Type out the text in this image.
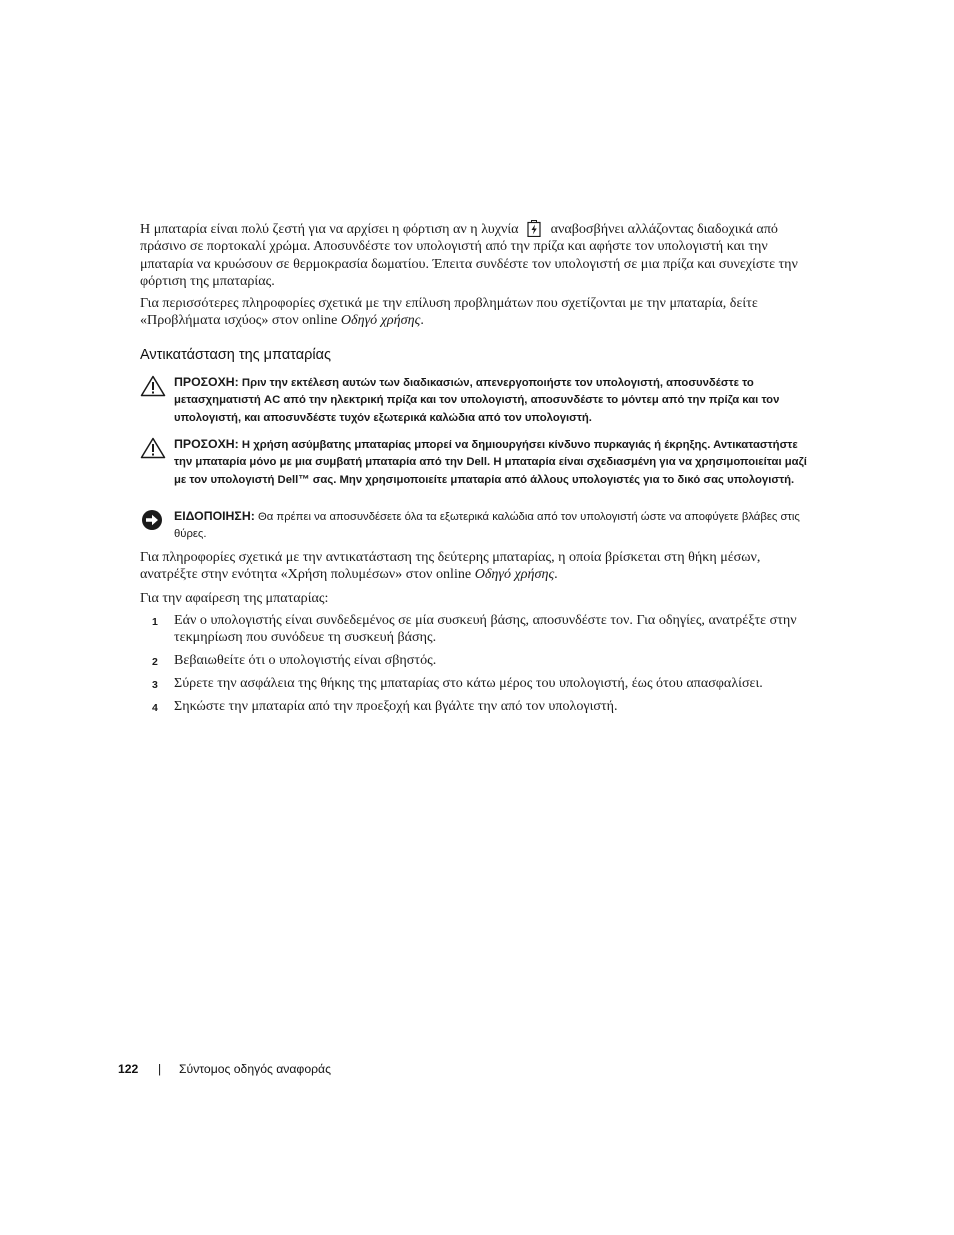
Η μπαταρία είναι πολύ ζεστή για να αρχίσει η φόρτιση αν η λυχνία αναβοσβήνει αλλάζοντας διαδοχικά από πράσινο σε πορτοκαλί χρώμα. Αποσυνδέστε τον υπολογιστή από την πρίζα και αφήστε τον υπολογιστή και την μπαταρία να κρυώσουν σε θερμοκρασία δωματίου. Έπειτα συνδέστε τον υπολογιστή σε μια πρίζα και συνεχίστε την φόρτιση της μπαταρίας.

Για περισσότερες πληροφορίες σχετικά με την επίλυση προβλημάτων που σχετίζονται με την μπαταρία, δείτε «Προβλήματα ισχύος» στον online Οδηγό χρήσης.

Αντικατάσταση της μπαταρίας
ΠΡΟΣΟΧΗ: Πριν την εκτέλεση αυτών των διαδικασιών, απενεργοποιήστε τον υπολογιστή, αποσυνδέστε το μετασχηματιστή AC από την ηλεκτρική πρίζα και τον υπολογιστή, αποσυνδέστε το μόντεμ από την πρίζα και τον υπολογιστή, και αποσυνδέστε τυχόν εξωτερικά καλώδια από τον υπολογιστή.
ΠΡΟΣΟΧΗ: Η χρήση ασύμβατης μπαταρίας μπορεί να δημιουργήσει κίνδυνο πυρκαγιάς ή έκρηξης. Αντικαταστήστε την μπαταρία μόνο με μια συμβατή μπαταρία από την Dell. Η μπαταρία είναι σχεδιασμένη για να χρησιμοποιείται μαζί με τον υπολογιστή Dell™ σας. Μην χρησιμοποιείτε μπαταρία από άλλους υπολογιστές για το δικό σας υπολογιστή.
ΕΙΔΟΠΟΙΗΣΗ: Θα πρέπει να αποσυνδέσετε όλα τα εξωτερικά καλώδια από τον υπολογιστή ώστε να αποφύγετε βλάβες στις θύρες.

Για πληροφορίες σχετικά με την αντικατάσταση της δεύτερης μπαταρίας, η οποία βρίσκεται στη θήκη μέσων, ανατρέξτε στην ενότητα «Χρήση πολυμέσων» στον online Οδηγό χρήσης.

Για την αφαίρεση της μπαταρίας:

1 Εάν ο υπολογιστής είναι συνδεδεμένος σε μία συσκευή βάσης, αποσυνδέστε τον. Για οδηγίες, ανατρέξτε στην τεκμηρίωση που συνόδευε τη συσκευή βάσης.
2 Βεβαιωθείτε ότι ο υπολογιστής είναι σβηστός.
3 Σύρετε την ασφάλεια της θήκης της μπαταρίας στο κάτω μέρος του υπολογιστή, έως ότου απασφαλίσει.
4 Σηκώστε την μπαταρία από την προεξοχή και βγάλτε την από τον υπολογιστή.
122 | Σύντομος οδηγός αναφοράς
